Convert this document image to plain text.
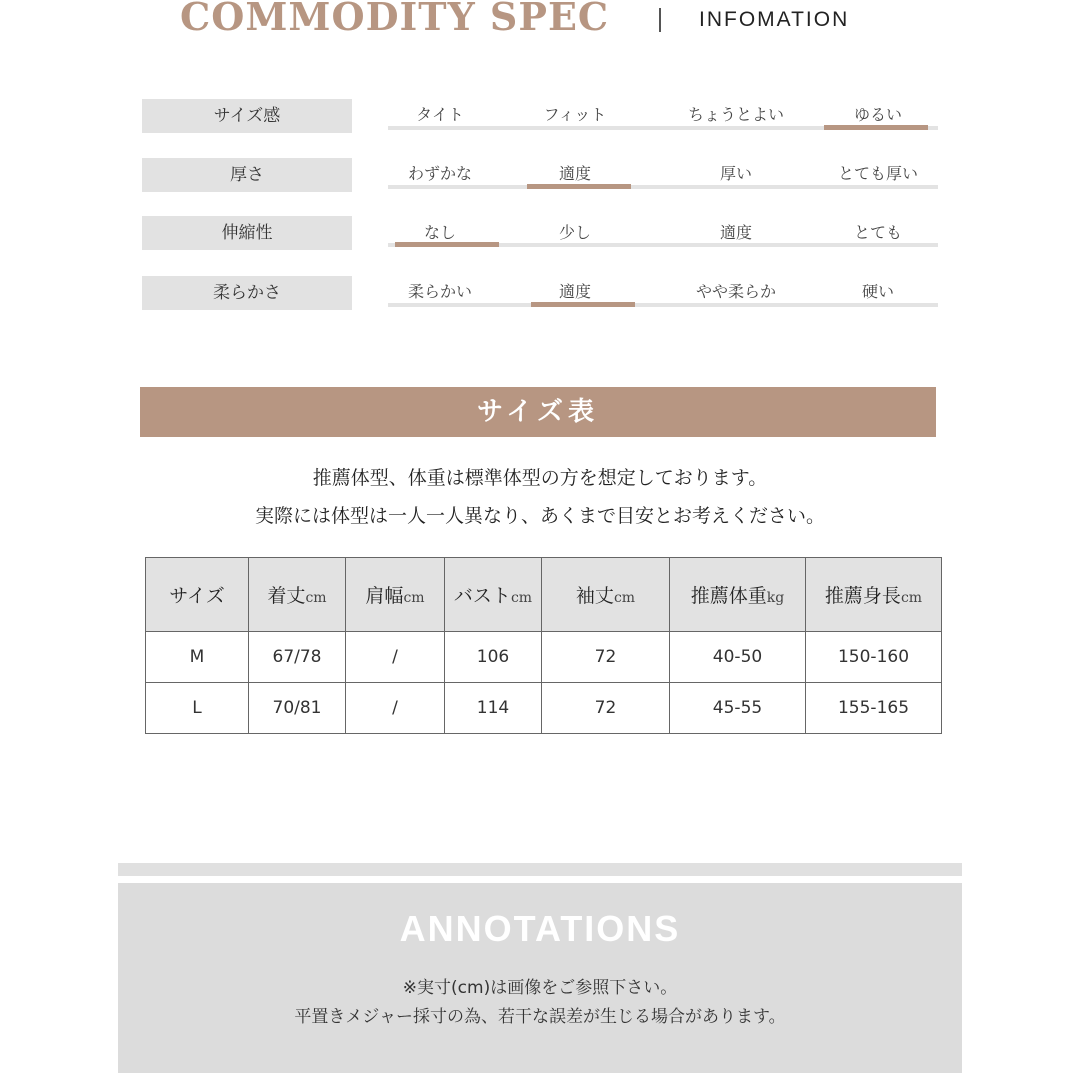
COMMODITY SPEC	INFOMATION
サイズ感	タイト	フィット	ちょうとよい	ゆるい
厚さ	わずかな	適度	厚い	とても厚い
伸縮性	なし	少し	適度	とても
柔らかさ	柔らかい	適度	やや柔らか	硬い
サイズ表
推薦体型、体重は標準体型の方を想定しております。
実際には体型は一人一人異なり、あくまで目安とお考えください。
サイズ	着丈cm	肩幅cm	バストcm	袖丈cm	推薦体重kg	推薦身長cm
M	67/78	/	106	72	40-50	150-160
L	70/81	/	114	72	45-55	155-165
ANNOTATIONS
※実寸(cm)は画像をご参照下さい。
平置きメジャー採寸の為、若干な誤差が生じる場合があります。
